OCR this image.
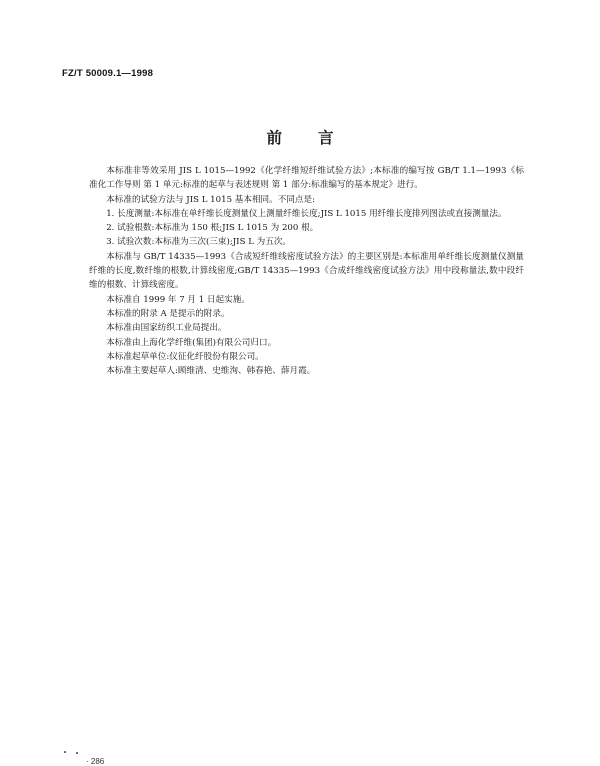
FZ/T 50009.1—1998
前言

本标准非等效采用 JIS L 1015—1992《化学纤维短纤维试验方法》;本标准的编写按 GB/T 1.1—1993《标准化工作导则 第 1 单元:标准的起草与表述规则 第 1 部分:标准编写的基本规定》进行。

本标准的试验方法与 JIS L 1015 基本相同。不同点是:

1. 长度测量:本标准在单纤维长度测量仪上测量纤维长度;JIS L 1015 用纤维长度排列图法或直接测量法。

2. 试验根数:本标准为 150 根;JIS L 1015 为 200 根。

3. 试验次数:本标准为三次(三束);JIS L 为五次。

本标准与 GB/T 14335—1993《合成短纤维线密度试验方法》的主要区别是:本标准用单纤维长度测量仪测量纤维的长度,数纤维的根数,计算线密度;GB/T 14335—1993《合成纤维线密度试验方法》用中段称量法,数中段纤维的根数、计算线密度。

本标准自 1999 年 7 月 1 日起实施。

本标准的附录 A 是提示的附录。

本标准由国家纺织工业局提出。

本标准由上海化学纤维(集团)有限公司归口。

本标准起草单位:仪征化纤股份有限公司。

本标准主要起草人:顾维清、史维洵、韩春艳、薛月霞。

· 286
